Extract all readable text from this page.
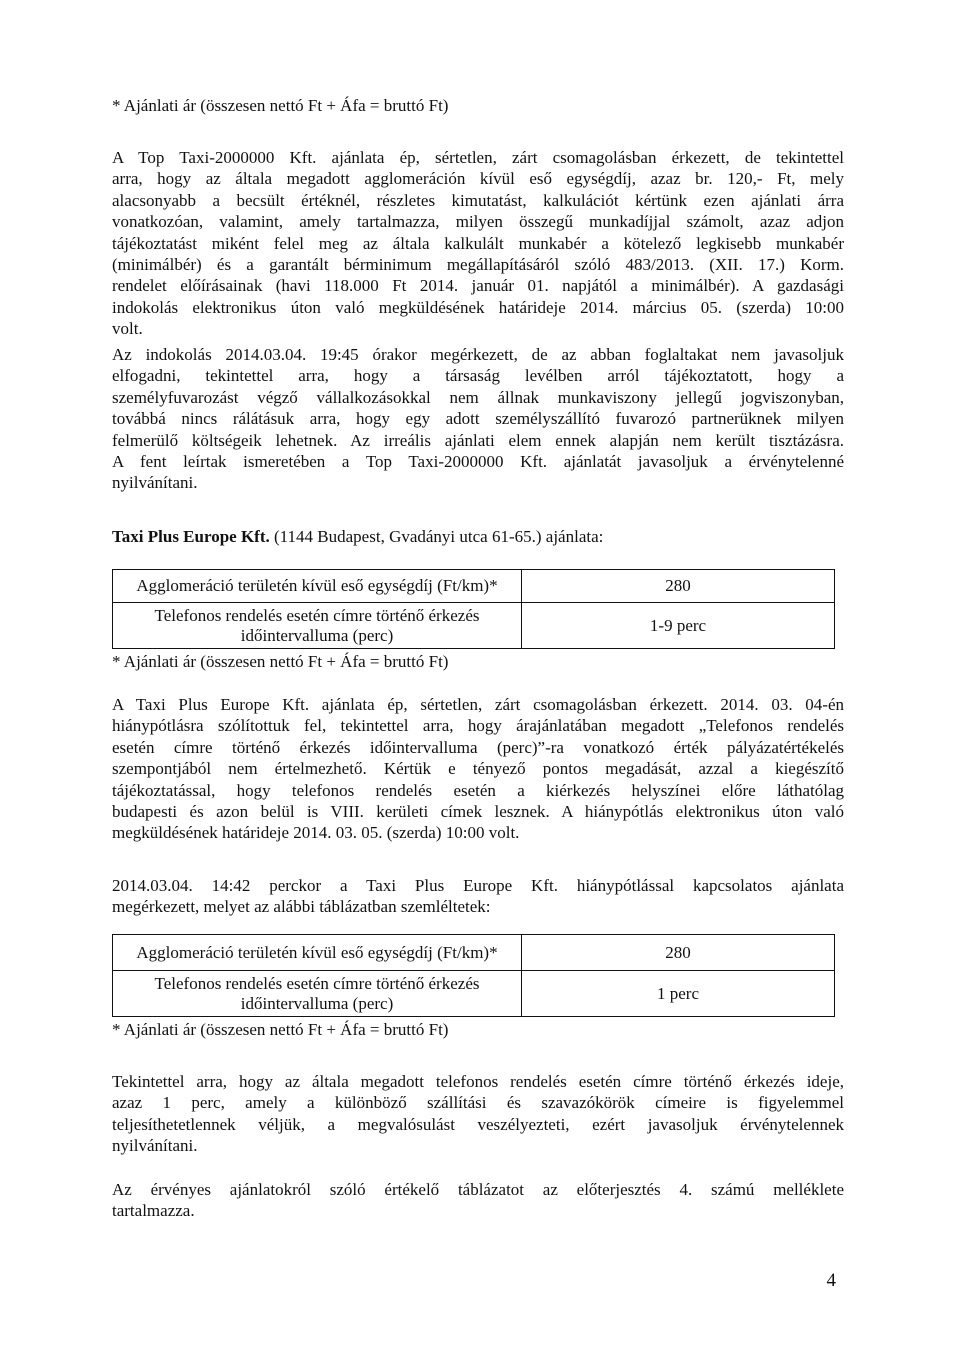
* Ajánlati ár (összesen nettó Ft + Áfa = bruttó Ft)
A Top Taxi-2000000 Kft. ajánlata ép, sértetlen, zárt csomagolásban érkezett, de tekintettel
arra, hogy az általa megadott agglomeráción kívül eső egységdíj, azaz br. 120,- Ft, mely
alacsonyabb a becsült értéknél, részletes kimutatást, kalkulációt kértünk ezen ajánlati árra
vonatkozóan, valamint, amely tartalmazza, milyen összegű munkadíjjal számolt, azaz adjon
tájékoztatást miként felel meg az általa kalkulált munkabér a kötelező legkisebb munkabér
(minimálbér) és a garantált bérminimum megállapításáról szóló 483/2013. (XII. 17.) Korm.
rendelet előírásainak (havi 118.000 Ft 2014. január 01. napjától a minimálbér). A gazdasági
indokolás elektronikus úton való megküldésének határideje 2014. március 05. (szerda) 10:00
volt.
Az indokolás 2014.03.04. 19:45 órakor megérkezett, de az abban foglaltakat nem javasoljuk
elfogadni, tekintettel arra, hogy a társaság levélben arról tájékoztatott, hogy a
személyfuvarozást végző vállalkozásokkal nem állnak munkaviszony jellegű jogviszonyban,
továbbá nincs rálátásuk arra, hogy egy adott személyszállító fuvarozó partnerüknek milyen
felmerülő költségeik lehetnek. Az irreális ajánlati elem ennek alapján nem került tisztázásra.
A fent leírtak ismeretében a Top Taxi-2000000 Kft. ajánlatát javasoljuk a érvénytelenné
nyilvánítani.
Taxi Plus Europe Kft. (1144 Budapest, Gvadányi utca 61-65.) ajánlata:
Agglomeráció területén kívül eső egységdíj (Ft/km)*	280

Telefonos rendelés esetén címre történő érkezés
időintervalluma (perc)	1-9 perc
* Ajánlati ár (összesen nettó Ft + Áfa = bruttó Ft)
A Taxi Plus Europe Kft. ajánlata ép, sértetlen, zárt csomagolásban érkezett. 2014. 03. 04-én
hiánypótlásra szólítottuk fel, tekintettel arra, hogy árajánlatában megadott „Telefonos rendelés
esetén címre történő érkezés időintervalluma (perc)”-ra vonatkozó érték pályázatértékelés
szempontjából nem értelmezhető. Kértük e tényező pontos megadását, azzal a kiegészítő
tájékoztatással, hogy telefonos rendelés esetén a kiérkezés helyszínei előre láthatólag
budapesti és azon belül is VIII. kerületi címek lesznek. A hiánypótlás elektronikus úton való
megküldésének határideje 2014. 03. 05. (szerda) 10:00 volt.
2014.03.04. 14:42 perckor a Taxi Plus Europe Kft. hiánypótlással kapcsolatos ajánlata
megérkezett, melyet az alábbi táblázatban szemléltetek:
Agglomeráció területén kívül eső egységdíj (Ft/km)*	280

Telefonos rendelés esetén címre történő érkezés
időintervalluma (perc)	1 perc
* Ajánlati ár (összesen nettó Ft + Áfa = bruttó Ft)
Tekintettel arra, hogy az általa megadott telefonos rendelés esetén címre történő érkezés ideje,
azaz 1 perc, amely a különböző szállítási és szavazókörök címeire is figyelemmel
teljesíthetetlennek véljük, a megvalósulást veszélyezteti, ezért javasoljuk érvénytelennek
nyilvánítani.
Az érvényes ajánlatokról szóló értékelő táblázatot az előterjesztés 4. számú melléklete
tartalmazza.
4
